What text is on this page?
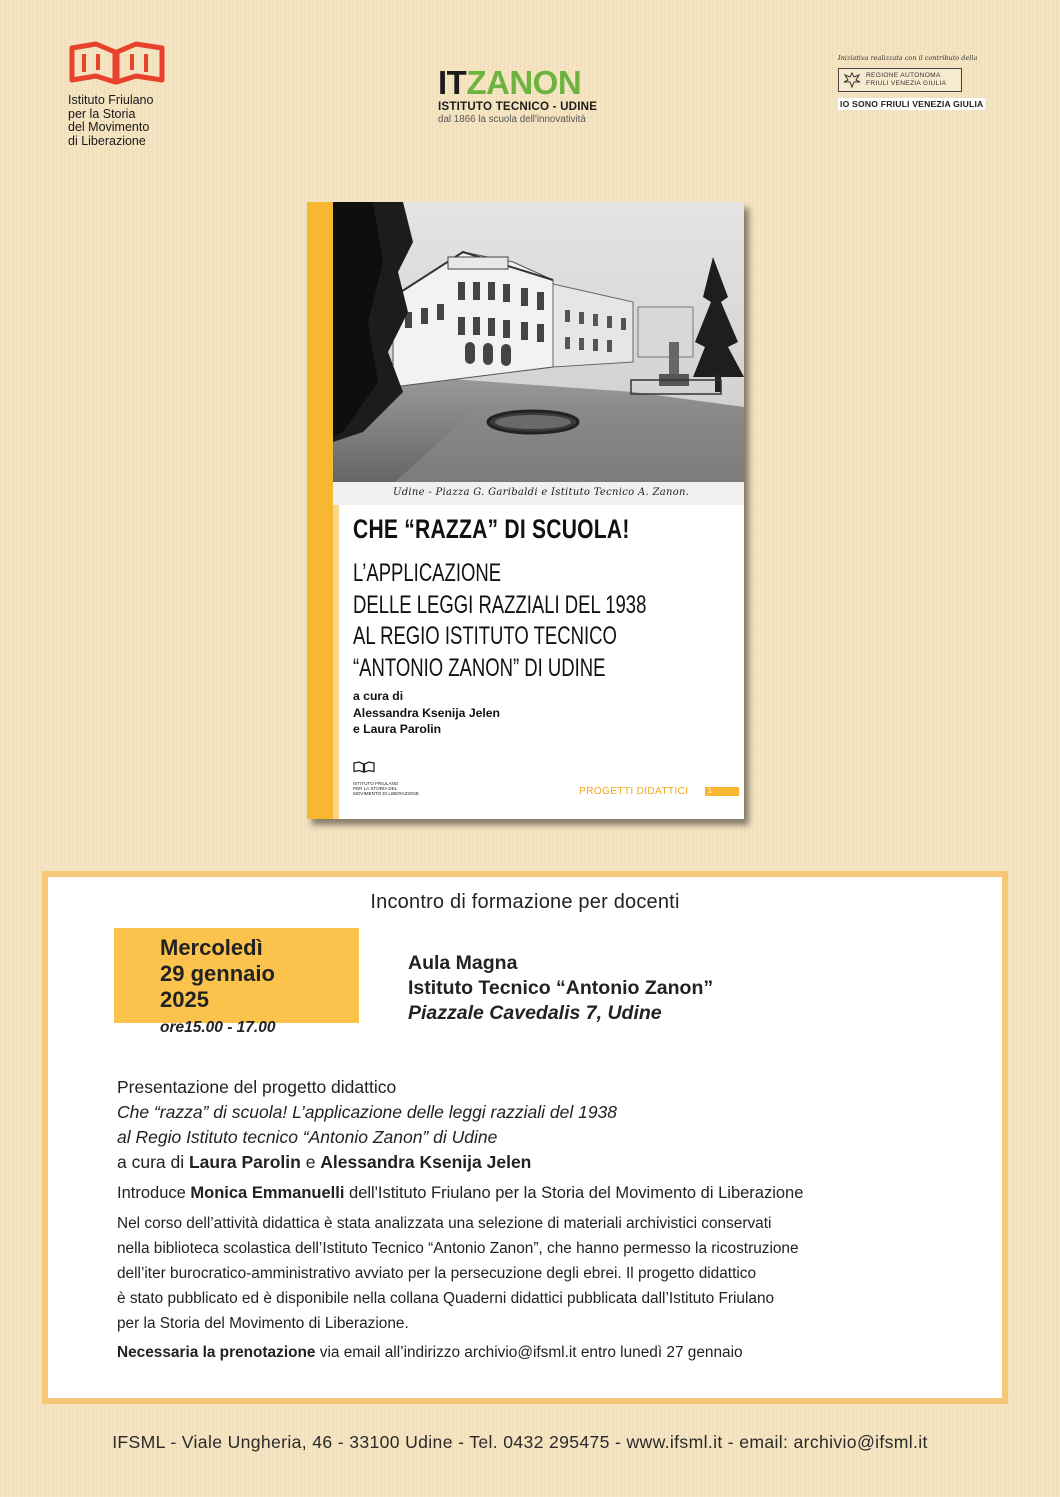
Istituto Friulano
per la Storia
del Movimento
di Liberazione
ITZANON
ISTITUTO TECNICO - UDINE
dal 1866 la scuola dell'innovatività
Iniziativa realizzata con il contributo della
REGIONE AUTONOMA
FRIULI VENEZIA GIULIA
IO SONO FRIULI VENEZIA GIULIA
Udine - Piazza G. Garibaldi e Istituto Tecnico A. Zanon.
CHE “RAZZA” DI SCUOLA!
L’APPLICAZIONE
DELLE LEGGI RAZZIALI DEL 1938
AL REGIO ISTITUTO TECNICO
“ANTONIO ZANON” DI UDINE
a cura di
Alessandra Ksenija Jelen
e Laura Parolin
ISTITUTO FRIULANO
PER LA STORIA DEL
MOVIMENTO DI LIBERAZIONE	PROGETTI DIDATTICI	1
Incontro di formazione per docenti
Mercoledì
29 gennaio
2025
ore15.00 - 17.00
Aula Magna
Istituto Tecnico “Antonio Zanon”
Piazzale Cavedalis 7, Udine
Presentazione del progetto didattico
Che “razza” di scuola! L’applicazione delle leggi razziali del 1938
al Regio Istituto tecnico “Antonio Zanon” di Udine
a cura di Laura Parolin e Alessandra Ksenija Jelen
Introduce Monica Emmanuelli dell'Istituto Friulano per la Storia del Movimento di Liberazione
Nel corso dell’attività didattica è stata analizzata una selezione di materiali archivistici conservati
nella biblioteca scolastica dell’Istituto Tecnico “Antonio Zanon”, che hanno permesso la ricostruzione
dell’iter burocratico-amministrativo avviato per la persecuzione degli ebrei. Il progetto didattico
è stato pubblicato ed è disponibile nella collana Quaderni didattici pubblicata dall’Istituto Friulano
per la Storia del Movimento di Liberazione.
Necessaria la prenotazione via email all’indirizzo archivio@ifsml.it entro lunedì 27 gennaio
IFSML - Viale Ungheria, 46 - 33100 Udine - Tel. 0432 295475 - www.ifsml.it - email: archivio@ifsml.it
